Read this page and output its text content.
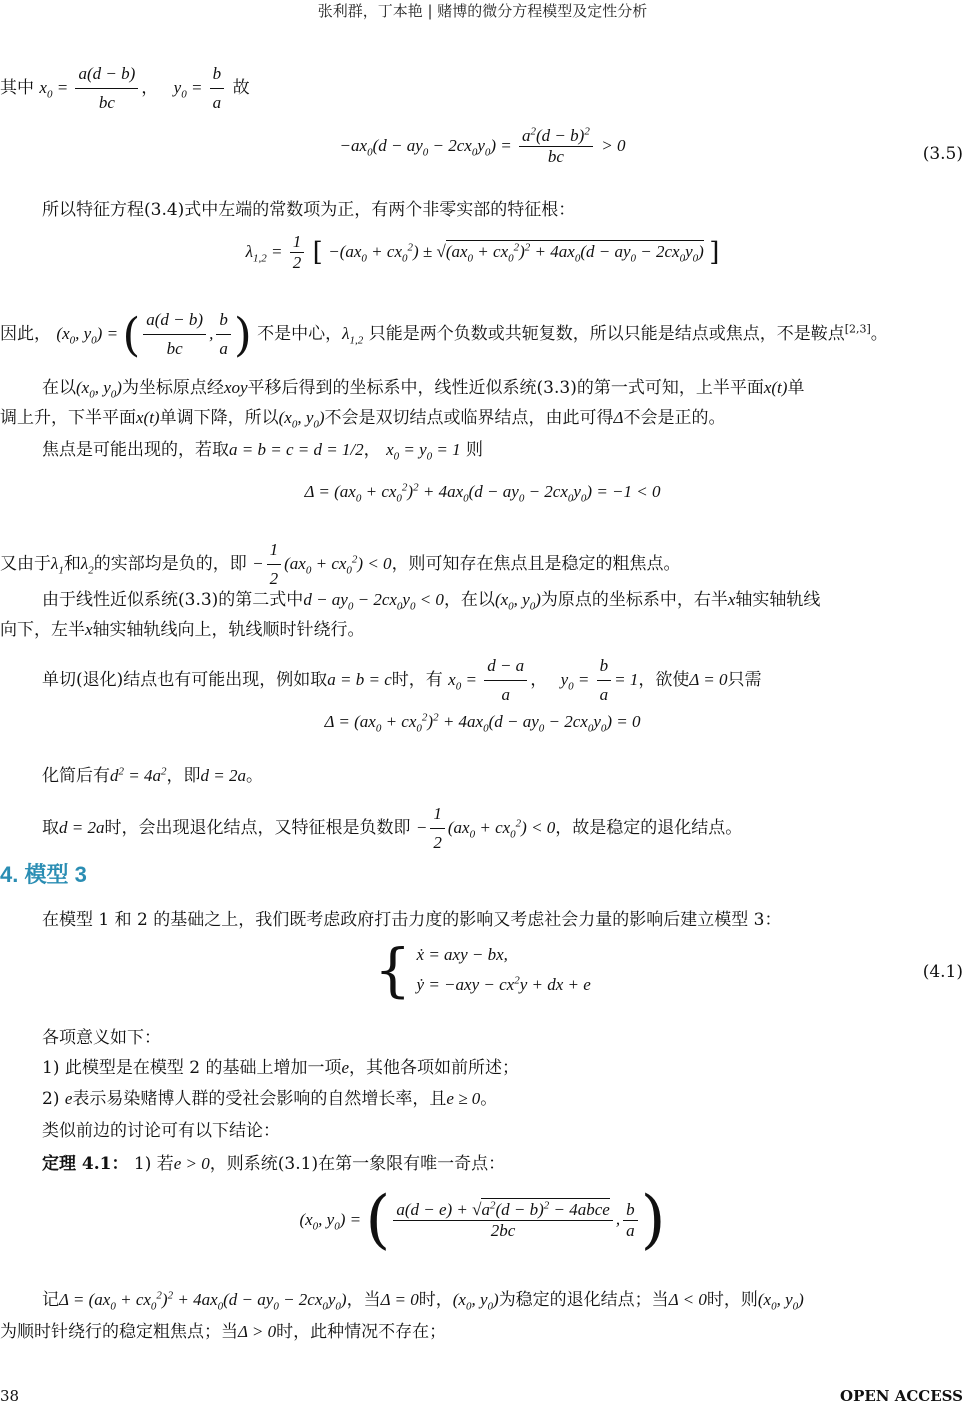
张利群，丁本艳 | 赌博的微分方程模型及定性分析
其中 $x_0 = \frac{a(d - b)}{bc}$ ， $y_0 = \frac{b}{a}$ 故
$-ax_0(d - ay_0 - 2cx_0y_0) = \frac{a^2(d - b)^2}{bc} > 0$	(3.5)
所以特征方程(3.4)式中左端的常数项为正，有两个非零实部的特征根：
$\lambda_{1,2} = \frac{1}{2}$ [ $-(ax_0 + cx_0^2) \pm √(ax_0 + cx_0^2)^2 + 4ax_0(d - ay_0 - 2cx_0y_0)$ ]
因此， ($x_0$, $y_0$) = ( $\frac{a(d - b)}{bc}$ , $\frac{b}{a}$ ) 不是中心，$\lambda_{1,2}$ 只能是两个负数或共轭复数，所以只能是结点或焦点，不是鞍点[2,3]。
在以($x_0$, $y_0$)为坐标原点经xoy平移后得到的坐标系中，线性近似系统(3.3)的第一式可知，上半平面x(t)单
调上升，下半平面x(t)单调下降，所以($x_0$, $y_0$)不会是双切结点或临界结点，由此可得Δ不会是正的。
焦点是可能出现的，若取a = b = c = d = 1/2， $x_0 = y_0 = 1$ 则
$\Delta = (ax_0 + cx_0^2)^2 + 4ax_0(d - ay_0 - 2cx_0y_0) = -1 < 0$
又由于$\lambda_1$和$\lambda_2$的实部均是负的，即 − $\frac{1}{2} (ax_0 + cx_0^2) < 0$，则可知存在焦点且是稳定的粗焦点。
由于线性近似系统(3.3)的第二式中$d - ay_0 - 2cx_0y_0 < 0$，在以($x_0$, $y_0$)为原点的坐标系中，右半x轴实轴轨线
向下，左半x轴实轴轨线向上，轨线顺时针绕行。
单切(退化)结点也有可能出现，例如取a = b = c时，有 $x_0 = \frac{d - a}{a}$ ， $y_0 = \frac{b}{a} = 1$，欲使Δ = 0只需
$\Delta = (ax_0 + cx_0^2)^2 + 4ax_0(d - ay_0 - 2cx_0y_0) = 0$
化简后有$d^2 = 4a^2$，即d = 2a。
取d = 2a时，会出现退化结点，又特征根是负数即 − $\frac{1}{2} (ax_0 + cx_0^2) < 0$，故是稳定的退化结点。
4. 模型 3
在模型 1 和 2 的基础之上，我们既考虑政府打击力度的影响又考虑社会力量的影响后建立模型 3：
{ ẋ = axy − bx,
ẏ = $-axy - cx^2y$ + dx + e
(4.1)
各项意义如下：
1) 此模型是在模型 2 的基础上增加一项e，其他各项如前所述；
2) e表示易染赌博人群的受社会影响的自然增长率，且e ≥ 0。
类似前边的讨论可有以下结论：
定理 4.1： 1) 若e > 0，则系统(3.1)在第一象限有唯一奇点：
($x_0$, $y_0$) = ( $\frac{a(d - e) + √a^2(d - b)^2 - 4abce}{2bc}$ , $\frac{b}{a}$ )
记$\Delta = (ax_0 + cx_0^2)^2 + 4ax_0(d - ay_0 - 2cx_0y_0)$，当Δ = 0时，($x_0$, $y_0$)为稳定的退化结点；当Δ < 0时，则($x_0$, $y_0$)
为顺时针绕行的稳定粗焦点；当Δ > 0时，此种情况不存在；
38	OPEN ACCESS
